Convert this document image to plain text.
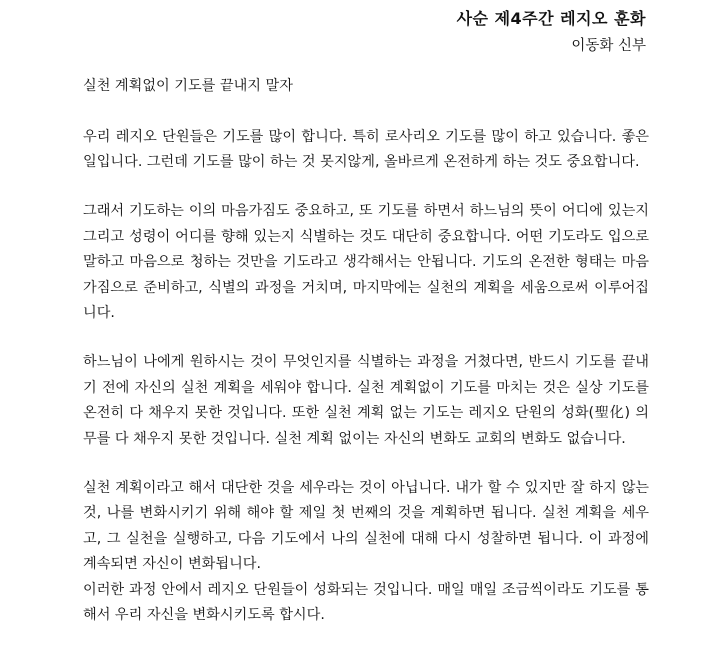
사순 제4주간 레지오 훈화
이동화 신부
실천 계획없이 기도를 끝내지 말자
우리 레지오 단원들은 기도를 많이 합니다. 특히 로사리오 기도를 많이 하고 있습니다. 좋은 일입니다. 그런데 기도를 많이 하는 것 못지않게, 올바르게 온전하게 하는 것도 중요합니다.
그래서 기도하는 이의 마음가짐도 중요하고, 또 기도를 하면서 하느님의 뜻이 어디에 있는지 그리고 성령이 어디를 향해 있는지 식별하는 것도 대단히 중요합니다. 어떤 기도라도 입으로 말하고 마음으로 청하는 것만을 기도라고 생각해서는 안됩니다. 기도의 온전한 형태는 마음가짐으로 준비하고, 식별의 과정을 거치며, 마지막에는 실천의 계획을 세움으로써 이루어집니다.
하느님이 나에게 원하시는 것이 무엇인지를 식별하는 과정을 거쳤다면, 반드시 기도를 끝내기 전에 자신의 실천 계획을 세워야 합니다. 실천 계획없이 기도를 마치는 것은 실상 기도를 온전히 다 채우지 못한 것입니다. 또한 실천 계획 없는 기도는 레지오 단원의 성화(聖化) 의무를 다 채우지 못한 것입니다. 실천 계획 없이는 자신의 변화도 교회의 변화도 없습니다.
실천 계획이라고 해서 대단한 것을 세우라는 것이 아닙니다. 내가 할 수 있지만 잘 하지 않는 것, 나를 변화시키기 위해 해야 할 제일 첫 번째의 것을 계획하면 됩니다. 실천 계획을 세우고, 그 실천을 실행하고, 다음 기도에서 나의 실천에 대해 다시 성찰하면 됩니다. 이 과정에 계속되면 자신이 변화됩니다.
이러한 과정 안에서 레지오 단원들이 성화되는 것입니다. 매일 매일 조금씩이라도 기도를 통해서 우리 자신을 변화시키도록 합시다.
